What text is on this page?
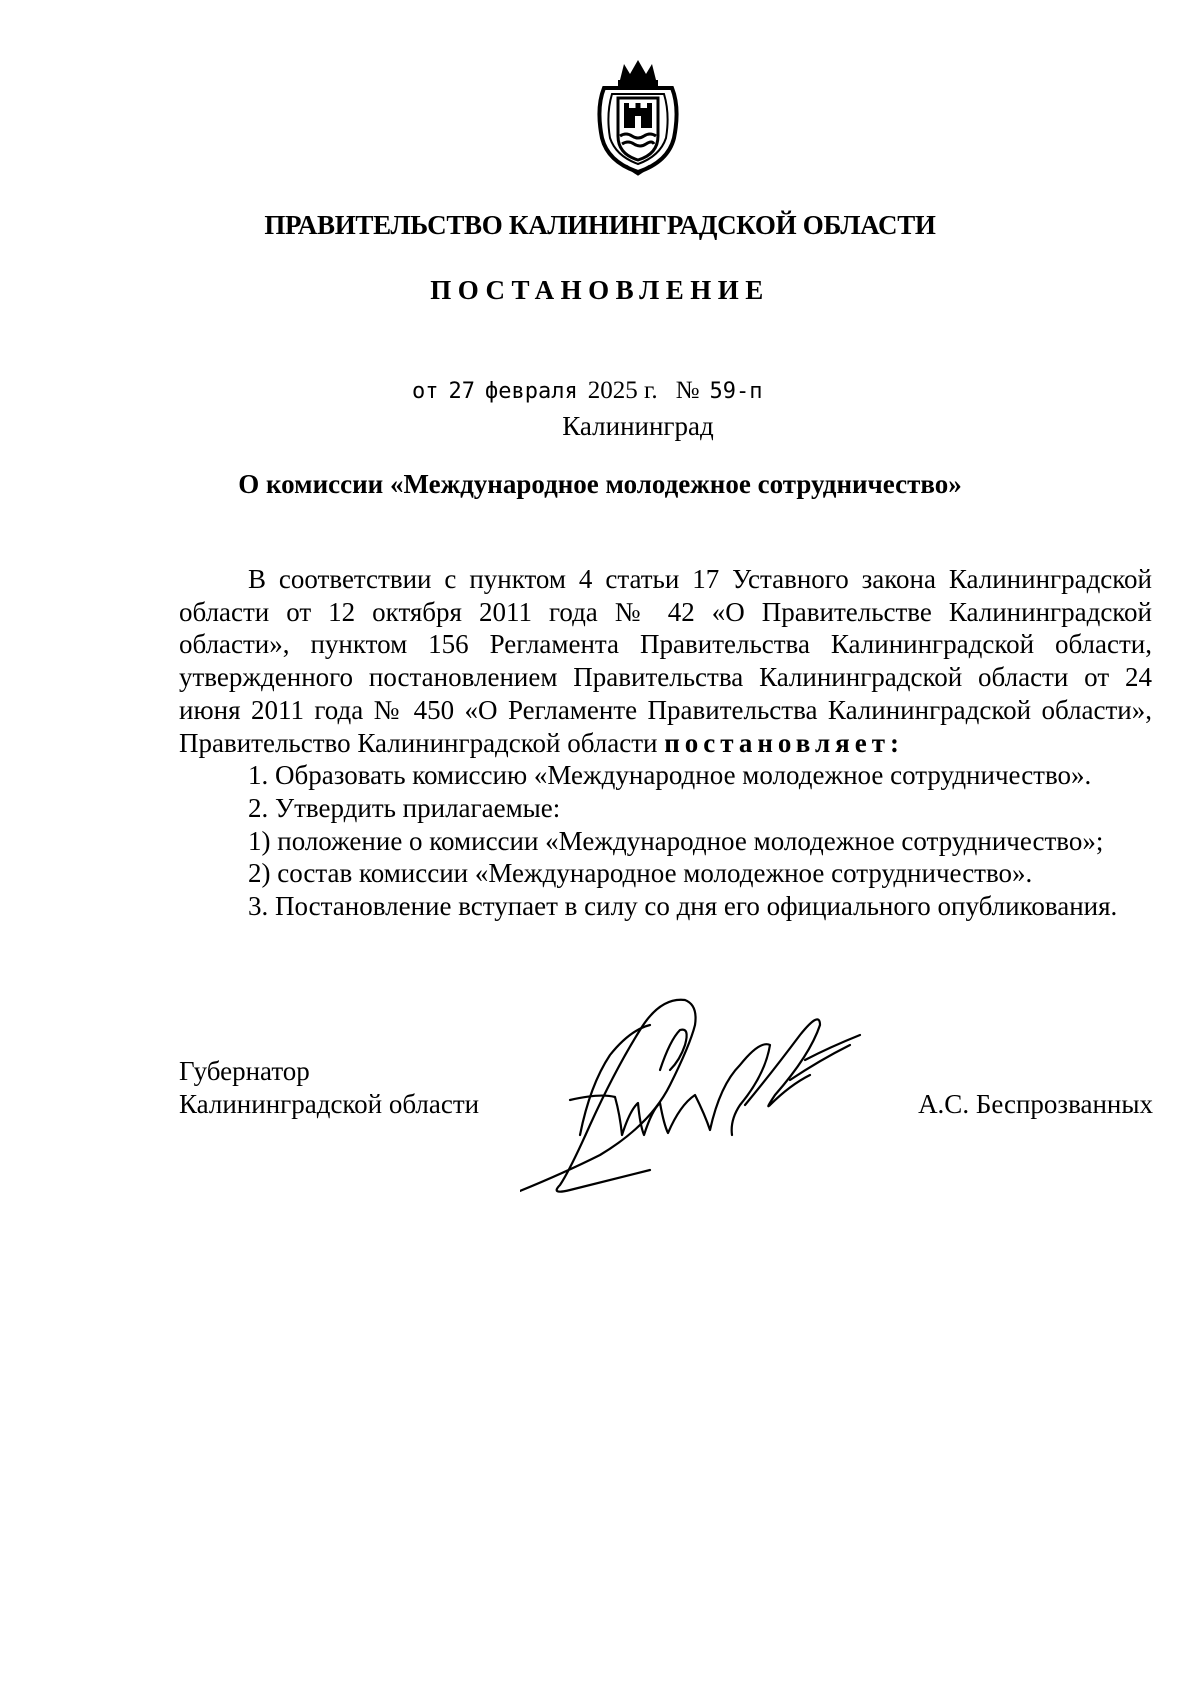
ПРАВИТЕЛЬСТВО КАЛИНИНГРАДСКОЙ ОБЛАСТИ
ПОСТАНОВЛЕНИЕ
от 27 февраля 2025 г. № 59-п
Калининград
О комиссии «Международное молодежное сотрудничество»

В соответствии с пунктом 4 статьи 17 Уставного закона Калининградской области от 12 октября 2011 года № 42 «О Правительстве Калининградской области», пунктом 156 Регламента Правительства Калининградской области, утвержденного постановлением Правительства Калининградской области от 24 июня 2011 года № 450 «О Регламенте Правительства Калининградской области», Правительство Калининградской области постановляет:

1. Образовать комиссию «Международное молодежное сотрудничество».

2. Утвердить прилагаемые:

1) положение о комиссии «Международное молодежное сотрудничество»;

2) состав комиссии «Международное молодежное сотрудничество».

3. Постановление вступает в силу со дня его официального опубликования.

Губернатор
Калининградской области	А.С. Беспрозванных
